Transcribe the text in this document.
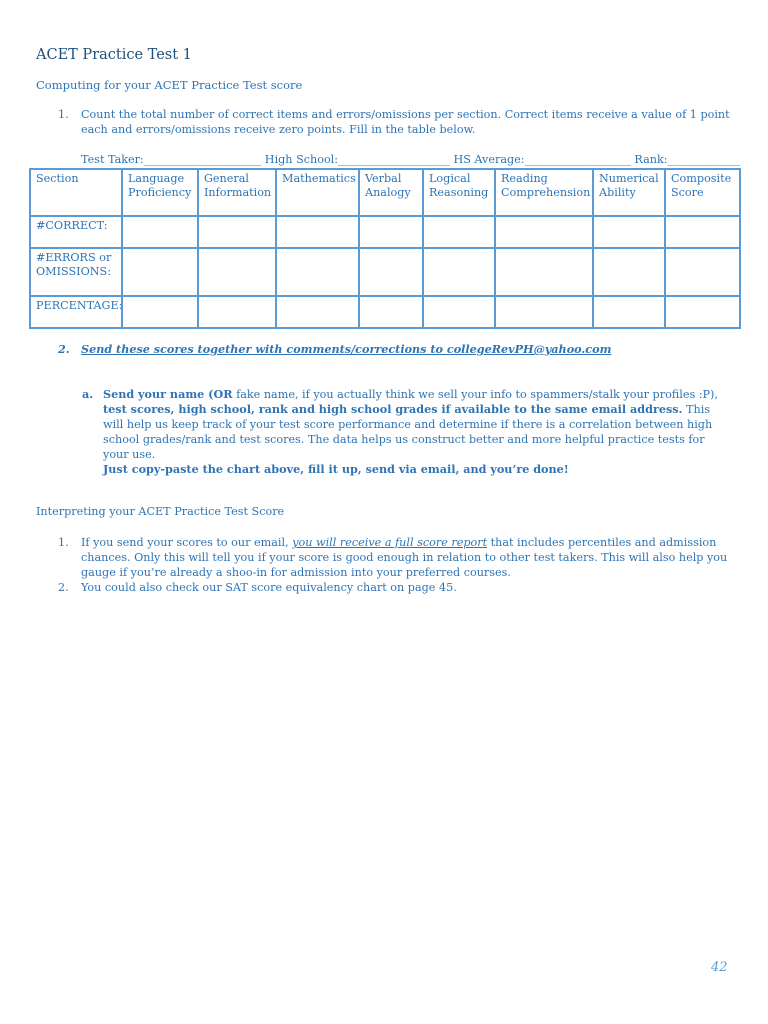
ACET Practice Test 1
Computing for your ACET Practice Test score
1. Count the total number of correct items and errors/omissions per section. Correct items receive a value of 1 point each and errors/omissions receive zero points. Fill in the table below.
Test Taker:_____________________ High School:____________________ HS Average:___________________ Rank:_____________
Section	Language Proficiency	General Information	Mathematics	Verbal Analogy	Logical Reasoning	Reading Comprehension	Numerical Ability	Composite Score
#CORRECT:								
#ERRORS or OMISSIONS:								
PERCENTAGE:								
2.	Send these scores together with comments/corrections to collegeRevPH@yahoo.com
a. Send your name (OR fake name, if you actually think we sell your info to spammers/stalk your profiles :P), test scores, high school, rank and high school grades if available to the same email address. This will help us keep track of your test score performance and determine if there is a correlation between high school grades/rank and test scores. The data helps us construct better and more helpful practice tests for your use.
Just copy-paste the chart above, fill it up, send via email, and you’re done!
Interpreting your ACET Practice Test Score
1. If you send your scores to our email, you will receive a full score report that includes percentiles and admission chances. Only this will tell you if your score is good enough in relation to other test takers. This will also help you gauge if you’re already a shoo-in for admission into your preferred courses.
2. You could also check our SAT score equivalency chart on page 45.
42
